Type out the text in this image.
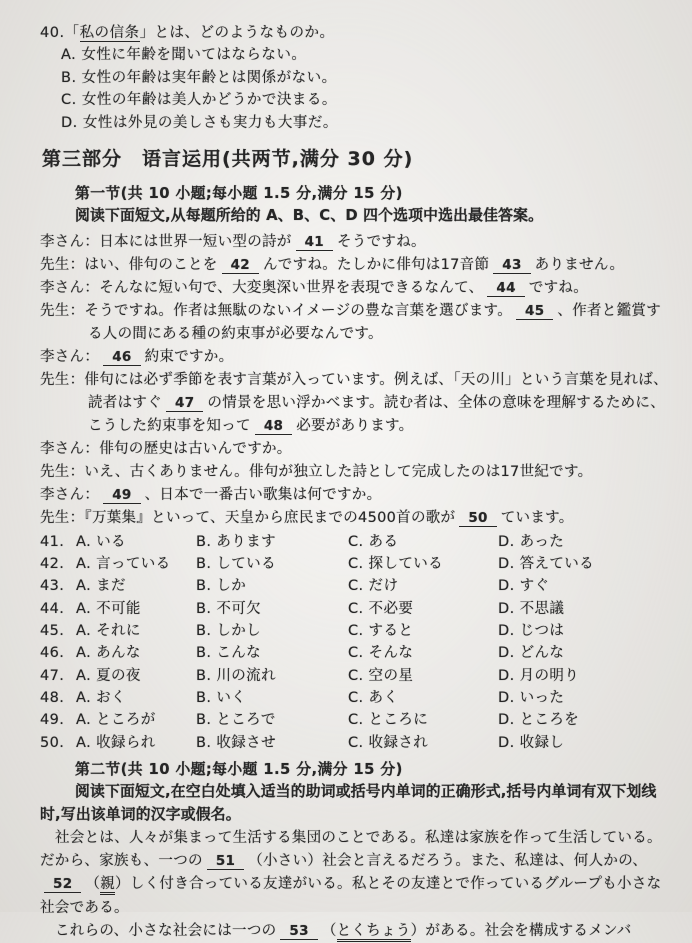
40.「私の信条」とは、どのようなものか。
A. 女性に年齢を聞いてはならない。
B. 女性の年齢は実年齢とは関係がない。
C. 女性の年齢は美人かどうかで決まる。
D. 女性は外見の美しさも実力も大事だ。
第三部分　语言运用(共两节,满分 30 分)
第一节(共 10 小题;每小题 1.5 分,满分 15 分)
阅读下面短文,从每题所给的 A、B、C、D 四个选项中选出最佳答案。
李さん：日本には世界一短い型の詩が 41 そうですね。
先生：はい、俳句のことを 42 んですね。たしかに俳句は17音節 43 ありません。
李さん：そんなに短い句で、大変奥深い世界を表現できるなんて、 44 ですね。
先生：そうですね。作者は無駄のないイメージの豊な言葉を選びます。 45 、作者と鑑賞する人の間にある種の約束事が必要なんです。
李さん： 46 約束ですか。
先生：俳句には必ず季節を表す言葉が入っています。例えば、「天の川」という言葉を見れば、読者はすぐ 47 の情景を思い浮かべます。読む者は、全体の意味を理解するために、こうした約束事を知って 48 必要があります。
李さん：俳句の歴史は古いんですか。
先生：いえ、古くありません。俳句が独立した詩として完成したのは17世紀です。
李さん： 49 、日本で一番古い歌集は何ですか。
先生：『万葉集』といって、天皇から庶民までの4500首の歌が 50 ています。
41. A. いる	B. あります	C. ある	D. あった
42. A. 言っている	B. している	C. 探している	D. 答えている
43. A. まだ	B. しか	C. だけ	D. すぐ
44. A. 不可能	B. 不可欠	C. 不必要	D. 不思議
45. A. それに	B. しかし	C. すると	D. じつは
46. A. あんな	B. こんな	C. そんな	D. どんな
47. A. 夏の夜	B. 川の流れ	C. 空の星	D. 月の明り
48. A. おく	B. いく	C. あく	D. いった
49. A. ところが	B. ところで	C. ところに	D. ところを
50. A. 收録られ	B. 收録させ	C. 收録され	D. 收録し
第二节(共 10 小题;每小题 1.5 分,满分 15 分)
阅读下面短文,在空白处填入适当的助词或括号内单词的正确形式,括号内单词有双下划线时,写出该单词的汉字或假名。
社会とは、人々が集まって生活する集団のことである。私達は家族を作って生活している。だから、家族も、一つの 51 （小さい）社会と言えるだろう。また、私達は、何人かの、52 （親）しく付き合っている友達がいる。私とその友達とで作っているグループも小さな社会である。
これらの、小さな社会には一つの 53 （とくちょう）がある。社会を構成するメンバ
